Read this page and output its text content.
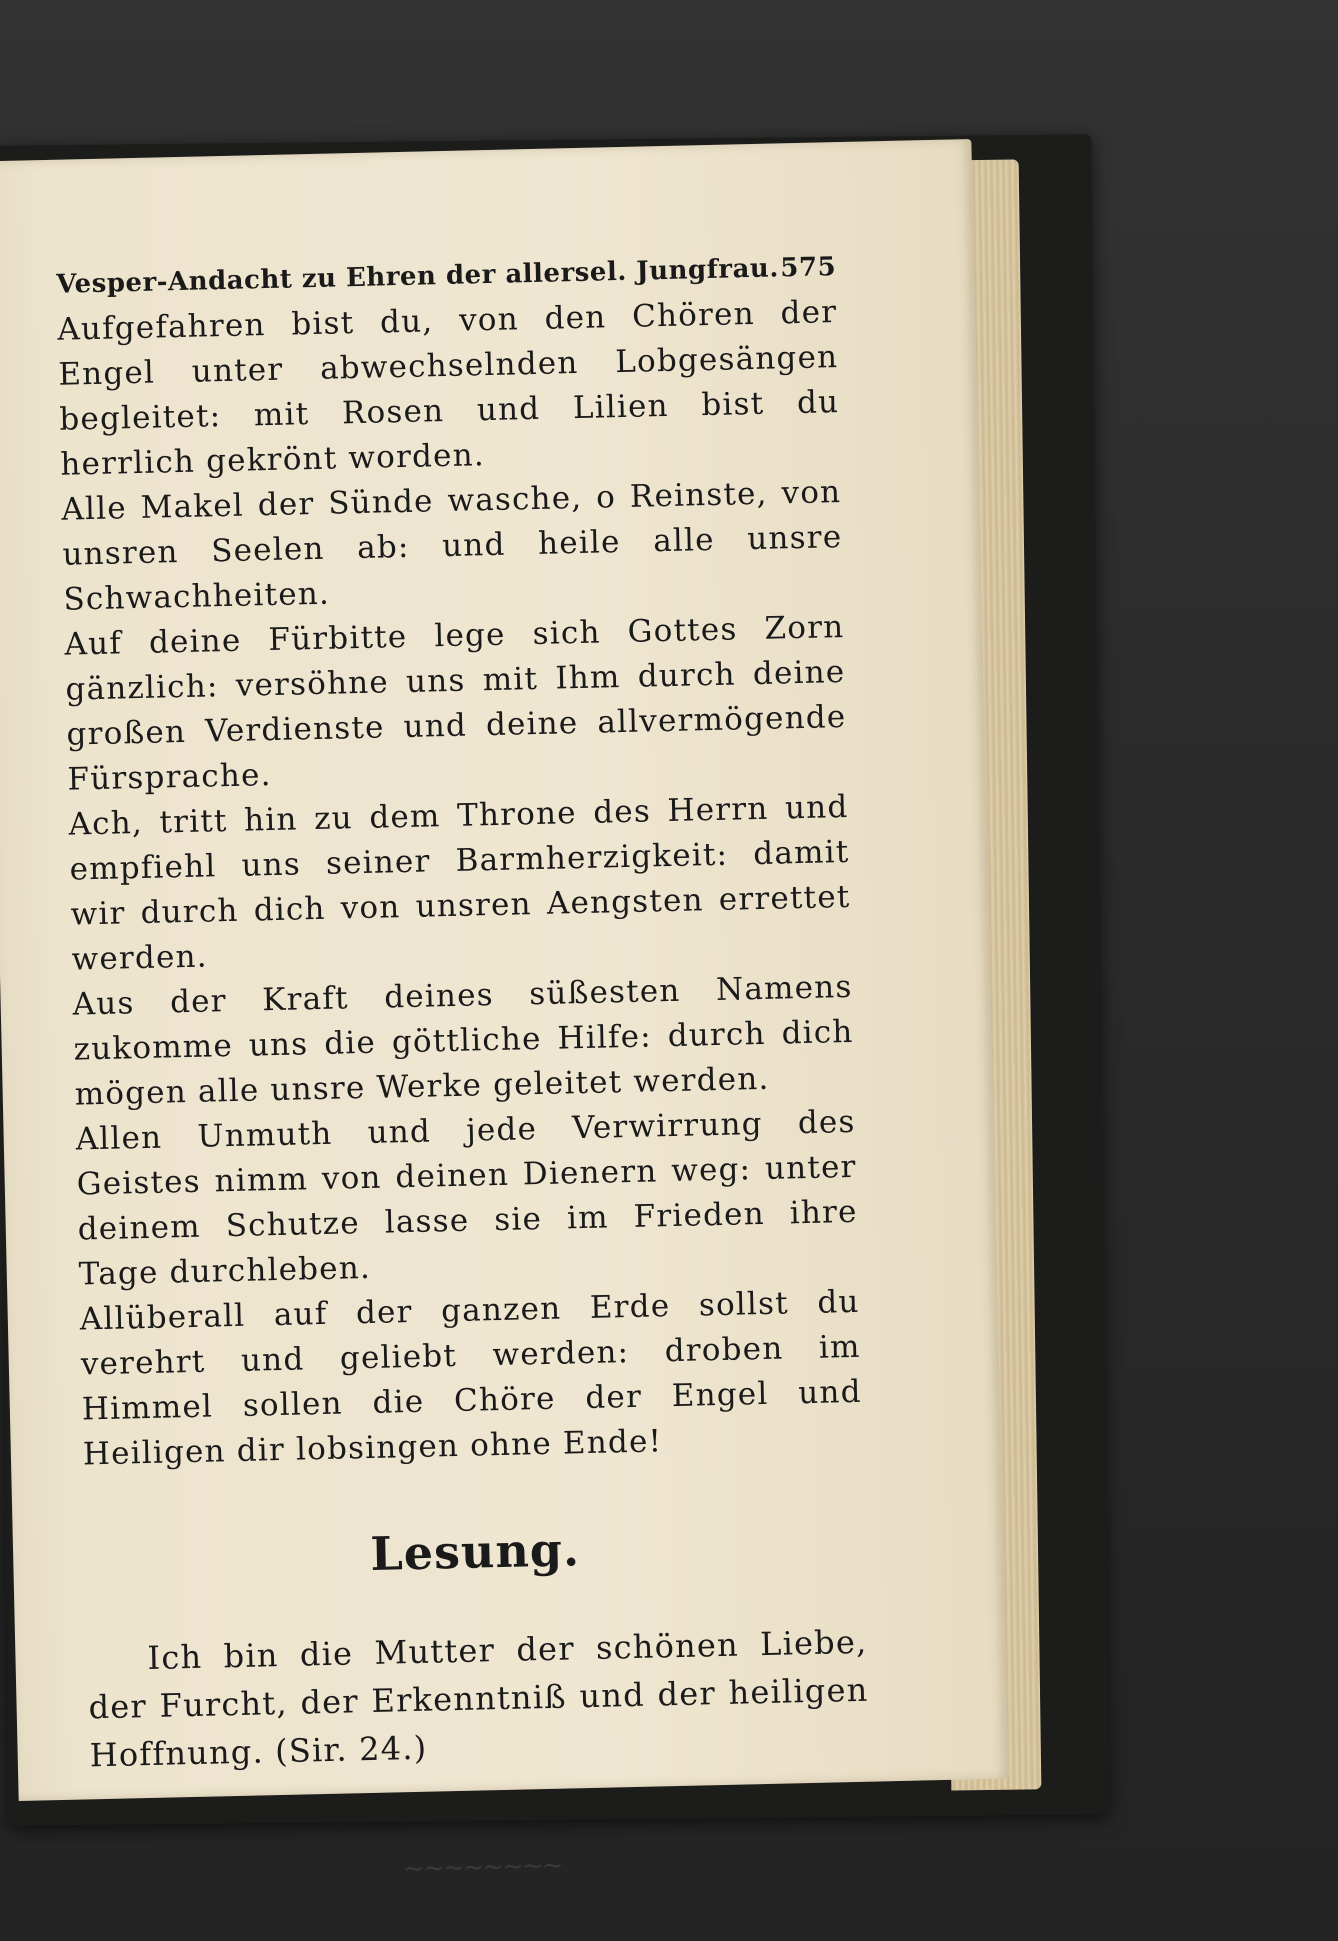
Vesper-Andacht zu Ehren der allersel. Jungfrau. 575

Aufgefahren bist du, von den Chören der Engel unter abwechselnden Lobgesängen begleitet: mit Rosen und Lilien bist du herrlich gekrönt worden.

Alle Makel der Sünde wasche, o Reinste, von unsren Seelen ab: und heile alle unsre Schwachheiten.

Auf deine Fürbitte lege sich Gottes Zorn gänzlich: versöhne uns mit Ihm durch deine großen Verdienste und deine allvermögende Fürsprache.

Ach, tritt hin zu dem Throne des Herrn und empfiehl uns seiner Barmherzigkeit: damit wir durch dich von unsren Aengsten errettet werden.

Aus der Kraft deines süßesten Namens zukomme uns die göttliche Hilfe: durch dich mögen alle unsre Werke geleitet werden.

Allen Unmuth und jede Verwirrung des Geistes nimm von deinen Dienern weg: unter deinem Schutze lasse sie im Frieden ihre Tage durchleben.

Allüberall auf der ganzen Erde sollst du verehrt und geliebt werden: droben im Himmel sollen die Chöre der Engel und Heiligen dir lobsingen ohne Ende!

Lesung.

Ich bin die Mutter der schönen Liebe, der Furcht, der Erkenntniß und der heiligen Hoffnung. (Sir. 24.)

~~~~~~~~
